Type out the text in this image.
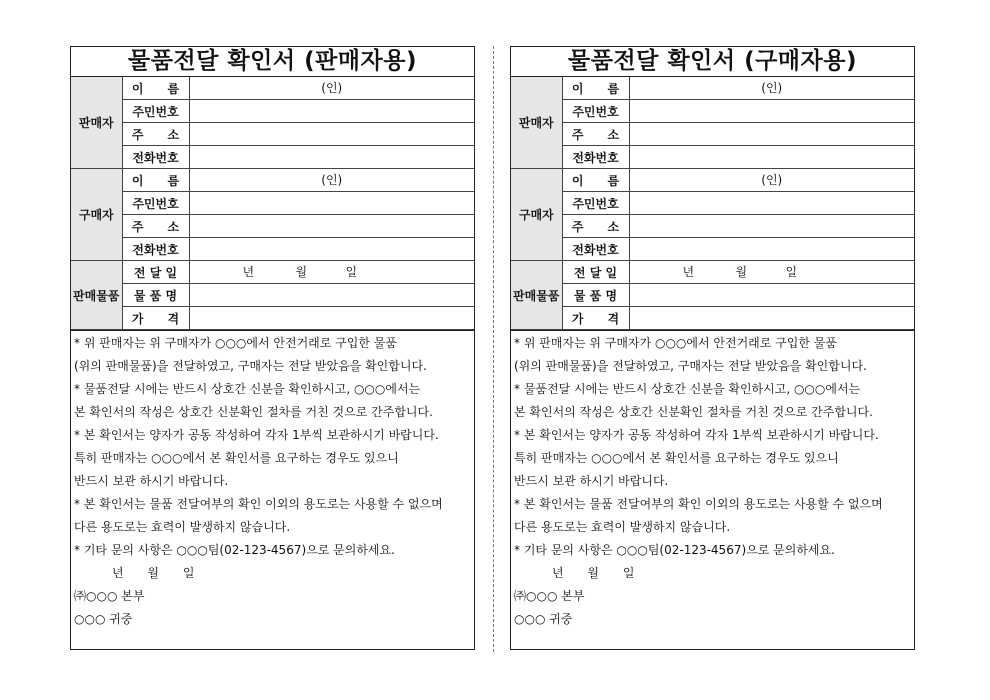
물품전달 확인서 (판매자용)
판매자	이　　름	(인)

	주민번호	
	주　　소	
	전화번호	
구매자	이　　름	(인)

	주민번호	
	주　　소	
	전화번호	
판매물품	전 달 일	년 월 일

	물 품 명	
	가　　격	
* 위 판매자는 위 구매자가 ○○○에서 안전거래로 구입한 물품
(위의 판매물품)을 전달하였고, 구매자는 전달 받았음을 확인합니다.
* 물품전달 시에는 반드시 상호간 신분을 확인하시고, ○○○에서는
본 확인서의 작성은 상호간 신분확인 절차를 거친 것으로 간주합니다.
* 본 확인서는 양자가 공동 작성하여 각자 1부씩 보관하시기 바랍니다.
특히 판매자는 ○○○에서 본 확인서를 요구하는 경우도 있으니
반드시 보관 하시기 바랍니다.
* 본 확인서는 물품 전달여부의 확인 이외의 용도로는 사용할 수 없으며
다른 용도로는 효력이 발생하지 않습니다.
* 기타 문의 사항은 ○○○팀(02-123-4567)으로 문의하세요.
년 월 일
㈜○○○ 본부
○○○ 귀중
물품전달 확인서 (구매자용)
판매자	이　　름	(인)

	주민번호	
	주　　소	
	전화번호	
구매자	이　　름	(인)

	주민번호	
	주　　소	
	전화번호	
판매물품	전 달 일	년 월 일

	물 품 명	
	가　　격	
* 위 판매자는 위 구매자가 ○○○에서 안전거래로 구입한 물품
(위의 판매물품)을 전달하였고, 구매자는 전달 받았음을 확인합니다.
* 물품전달 시에는 반드시 상호간 신분을 확인하시고, ○○○에서는
본 확인서의 작성은 상호간 신분확인 절차를 거친 것으로 간주합니다.
* 본 확인서는 양자가 공동 작성하여 각자 1부씩 보관하시기 바랍니다.
특히 판매자는 ○○○에서 본 확인서를 요구하는 경우도 있으니
반드시 보관 하시기 바랍니다.
* 본 확인서는 물품 전달여부의 확인 이외의 용도로는 사용할 수 없으며
다른 용도로는 효력이 발생하지 않습니다.
* 기타 문의 사항은 ○○○팀(02-123-4567)으로 문의하세요.
년 월 일
㈜○○○ 본부
○○○ 귀중
